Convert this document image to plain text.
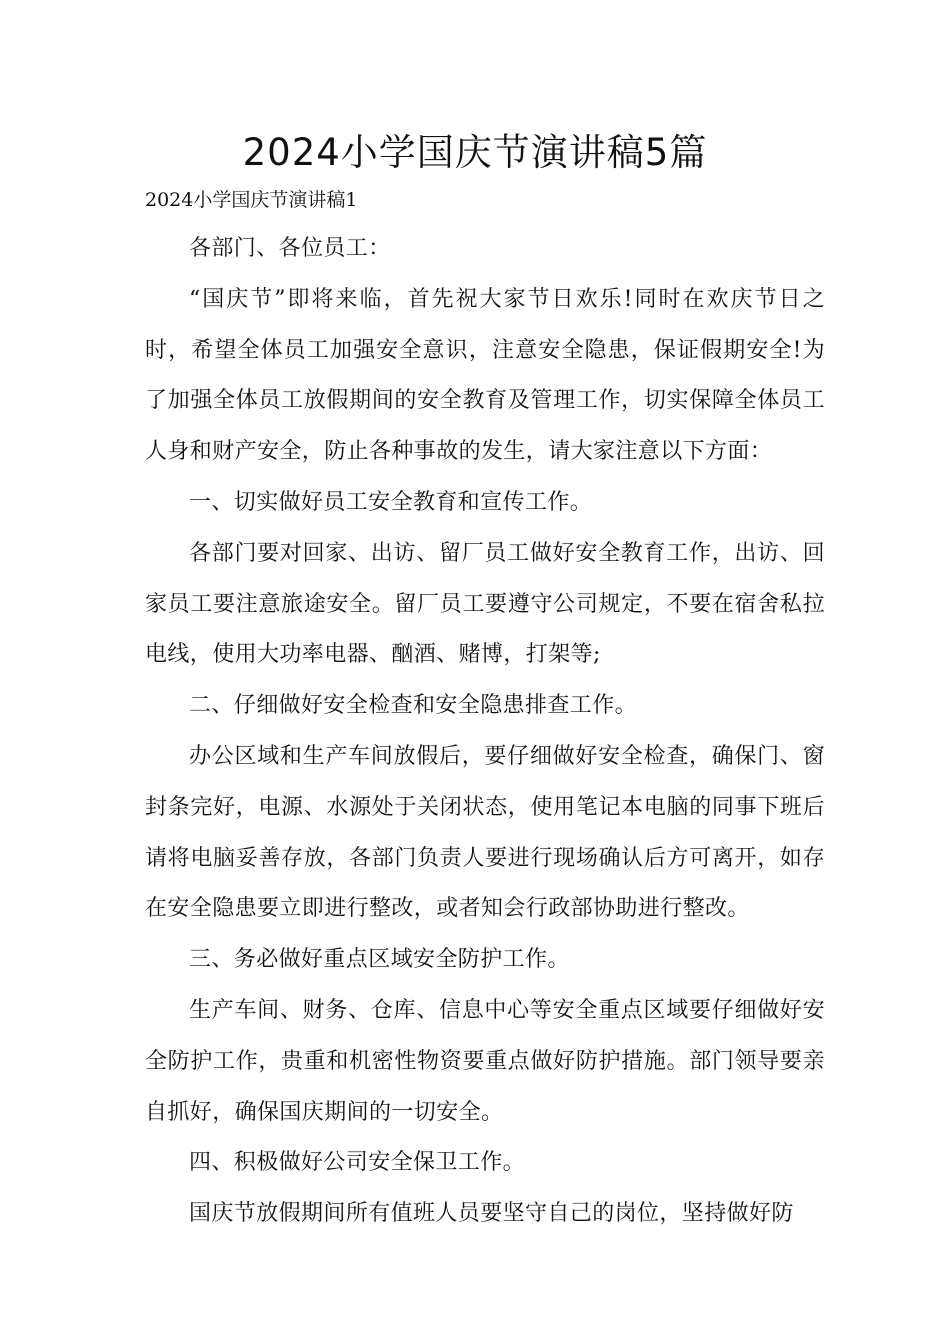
2024小学国庆节演讲稿5篇

2024小学国庆节演讲稿1

各部门、各位员工：

“国庆节”即将来临，首先祝大家节日欢乐!同时在欢庆节日之时，希望全体员工加强安全意识，注意安全隐患，保证假期安全!为了加强全体员工放假期间的安全教育及管理工作，切实保障全体员工人身和财产安全，防止各种事故的发生，请大家注意以下方面：

一、切实做好员工安全教育和宣传工作。

各部门要对回家、出访、留厂员工做好安全教育工作，出访、回家员工要注意旅途安全。留厂员工要遵守公司规定，不要在宿舍私拉电线，使用大功率电器、酗酒、赌博，打架等;

二、仔细做好安全检查和安全隐患排查工作。

办公区域和生产车间放假后，要仔细做好安全检查，确保门、窗封条完好，电源、水源处于关闭状态，使用笔记本电脑的同事下班后请将电脑妥善存放，各部门负责人要进行现场确认后方可离开，如存在安全隐患要立即进行整改，或者知会行政部协助进行整改。

三、务必做好重点区域安全防护工作。

生产车间、财务、仓库、信息中心等安全重点区域要仔细做好安全防护工作，贵重和机密性物资要重点做好防护措施。部门领导要亲自抓好，确保国庆期间的一切安全。

四、积极做好公司安全保卫工作。

国庆节放假期间所有值班人员要坚守自己的岗位，坚持做好防
